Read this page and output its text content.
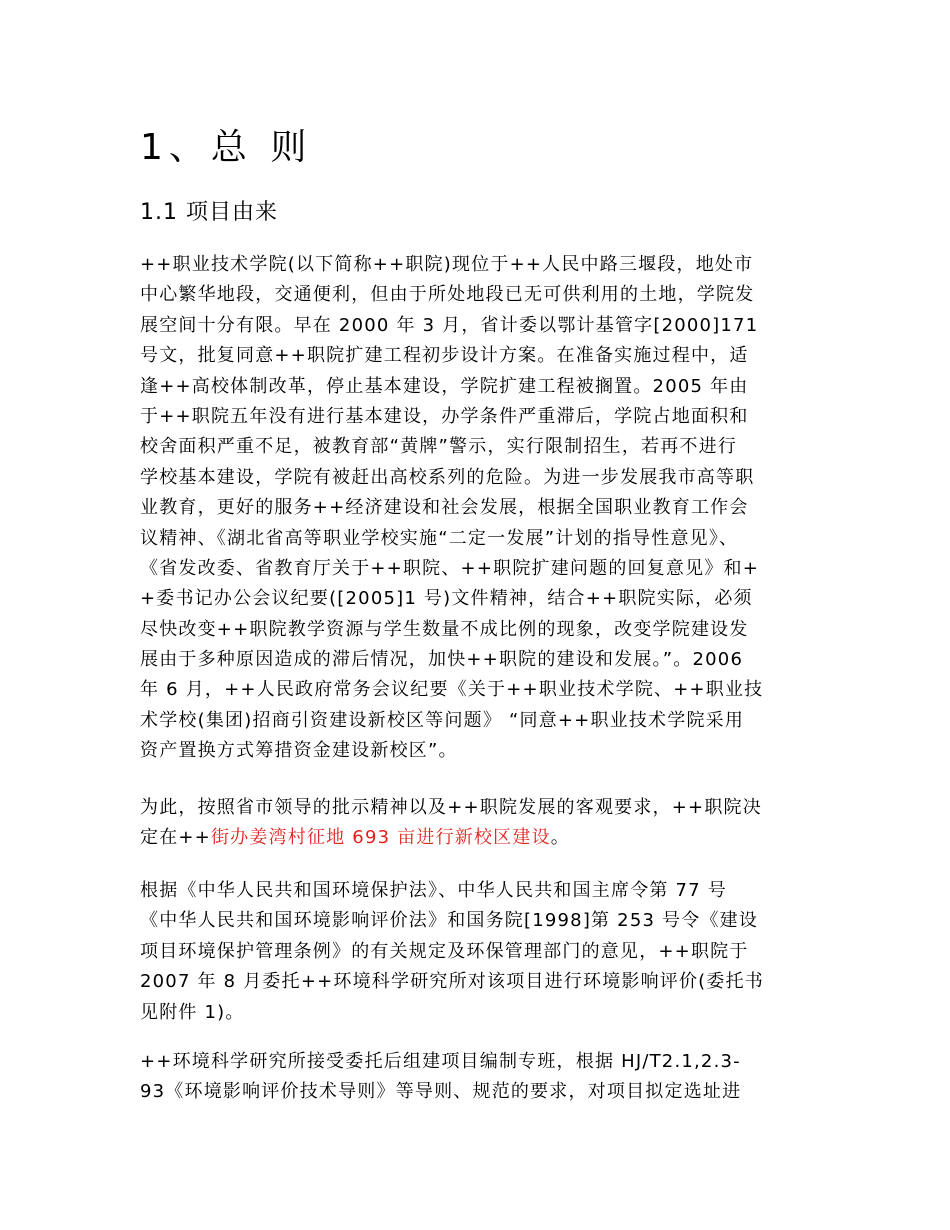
1、总 则
1.1 项目由来
++职业技术学院(以下简称++职院)现位于++人民中路三堰段，地处市
中心繁华地段，交通便利，但由于所处地段已无可供利用的土地，学院发
展空间十分有限。早在 2000 年 3 月，省计委以鄂计基管字[2000]171
号文，批复同意++职院扩建工程初步设计方案。在准备实施过程中，适
逢++高校体制改革，停止基本建设，学院扩建工程被搁置。2005 年由
于++职院五年没有进行基本建设，办学条件严重滞后，学院占地面积和
校舍面积严重不足，被教育部“黄牌”警示，实行限制招生，若再不进行
学校基本建设，学院有被赶出高校系列的危险。为进一步发展我市高等职
业教育，更好的服务++经济建设和社会发展，根据全国职业教育工作会
议精神、《湖北省高等职业学校实施“二定一发展”计划的指导性意见》、
《省发改委、省教育厅关于++职院、++职院扩建问题的回复意见》和+
+委书记办公会议纪要([2005]1 号)文件精神，结合++职院实际，必须
尽快改变++职院教学资源与学生数量不成比例的现象，改变学院建设发
展由于多种原因造成的滞后情况，加快++职院的建设和发展。”。2006
年 6 月，++人民政府常务会议纪要《关于++职业技术学院、++职业技
术学校(集团)招商引资建设新校区等问题》 “同意++职业技术学院采用
资产置换方式筹措资金建设新校区”。
为此，按照省市领导的批示精神以及++职院发展的客观要求，++职院决
定在++街办姜湾村征地 693 亩进行新校区建设。
根据《中华人民共和国环境保护法》、中华人民共和国主席令第 77 号
《中华人民共和国环境影响评价法》和国务院[1998]第 253 号令《建设
项目环境保护管理条例》的有关规定及环保管理部门的意见，++职院于
2007 年 8 月委托++环境科学研究所对该项目进行环境影响评价(委托书
见附件 1)。
++环境科学研究所接受委托后组建项目编制专班，根据 HJ/T2.1,2.3-
93《环境影响评价技术导则》等导则、规范的要求，对项目拟定选址进
